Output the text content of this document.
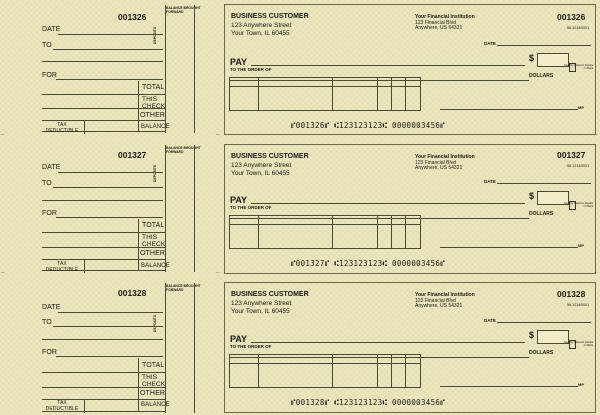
001326
BALANCE BROUGHT FORWARD
DEPOSITS
DATE
TO
FOR
TOTAL
THIS CHECK
OTHER
TAX DEDUCTIBLE
BALANCE
BUSINESS CUSTOMER
123 Anywhere Street
Your Town, IL 60455
Your Financial Institution
123 Financial Blvd
Anywhere, US 54321
001326
56-1234/0001
DATE
PAY
TO THE ORDER OF
$
DOLLARS
Security Features Details on Back
MP
⑈001326⑈ ⑆123123123⑆ 0000003456⑈
001327
BALANCE BROUGHT FORWARD
DEPOSITS
DATE
TO
FOR
TOTAL
THIS CHECK
OTHER
TAX DEDUCTIBLE
BALANCE
BUSINESS CUSTOMER
123 Anywhere Street
Your Town, IL 60455
Your Financial Institution
123 Financial Blvd
Anywhere, US 54321
001327
56-1234/0001
DATE
PAY
TO THE ORDER OF
$
DOLLARS
Security Features Details on Back
MP
⑈001327⑈ ⑆123123123⑆ 0000003456⑈
001328
BALANCE BROUGHT FORWARD
DEPOSITS
DATE
TO
FOR
TOTAL
THIS CHECK
OTHER
TAX DEDUCTIBLE
BALANCE
BUSINESS CUSTOMER
123 Anywhere Street
Your Town, IL 60455
Your Financial Institution
123 Financial Blvd
Anywhere, US 54321
001328
56-1234/0001
DATE
PAY
TO THE ORDER OF
$
DOLLARS
Security Features Details on Back
MP
⑈001328⑈ ⑆123123123⑆ 0000003456⑈
–
–
–
–
–
–
